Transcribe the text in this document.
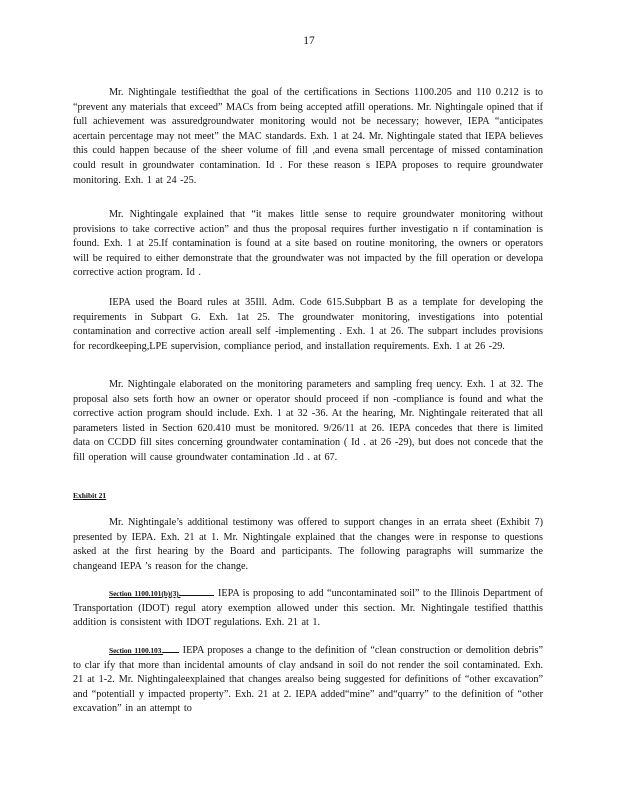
17

Mr. Nightingale testifiedthat the goal of the certifications in Sections 1100.205 and 110 0.212 is to “prevent any materials that exceed” MACs from being accepted atfill operations. Mr. Nightingale opined that if full achievement was assuredgroundwater monitoring would not be necessary; however, IEPA “anticipates acertain percentage may not meet” the MAC standards. Exh. 1 at 24. Mr. Nightingale stated that IEPA believes this could happen because of the sheer volume of fill ,and evena small percentage of missed contamination could result in groundwater contamination. Id . For these reason s IEPA proposes to require groundwater monitoring. Exh. 1 at 24 -25.

Mr. Nightingale explained that “it makes little sense to require groundwater monitoring without provisions to take corrective action” and thus the proposal requires further investigatio n if contamination is found. Exh. 1 at 25.If contamination is found at a site based on routine monitoring, the owners or operators will be required to either demonstrate that the groundwater was not impacted by the fill operation or developa corrective action program. Id .

IEPA used the Board rules at 35Ill. Adm. Code 615.Subpbart B as a template for developing the requirements in Subpart G. Exh. 1at 25. The groundwater monitoring, investigations into potential contamination and corrective action areall self -implementing . Exh. 1 at 26. The subpart includes provisions for recordkeeping,LPE supervision, compliance period, and installation requirements. Exh. 1 at 26 -29.

Mr. Nightingale elaborated on the monitoring parameters and sampling freq uency. Exh. 1 at 32. The proposal also sets forth how an owner or operator should proceed if non -compliance is found and what the corrective action program should include. Exh. 1 at 32 -36. At the hearing, Mr. Nightingale reiterated that all parameters listed in Section 620.410 must be monitored. 9/26/11 at 26. IEPA concedes that there is limited data on CCDD fill sites concerning groundwater contamination ( Id . at 26 -29), but does not concede that the fill operation will cause groundwater contamination .Id . at 67.

Exhibit 21

Mr. Nightingale’s additional testimony was offered to support changes in an errata sheet (Exhibit 7) presented by IEPA. Exh. 21 at 1. Mr. Nightingale explained that the changes were in response to questions asked at the first hearing by the Board and participants. The following paragraphs will summarize the changeand IEPA ’s reason for the change.

Section 1100.101(b)(3).	IEPA is proposing to add “uncontaminated soil” to the Illinois Department of Transportation (IDOT) regul atory exemption allowed under this section. Mr. Nightingale testified thatthis addition is consistent with IDOT regulations. Exh. 21 at 1.

Section 1100.103. IEPA proposes a change to the definition of “clean construction or demolition debris” to clar ify that more than incidental amounts of clay andsand in soil do not render the soil contaminated. Exh. 21 at 1-2. Mr. Nightingaleexplained that changes arealso being suggested for definitions of “other excavation” and “potentiall y impacted property”. Exh. 21 at 2. IEPA added“mine” and“quarry” to the definition of “other excavation” in an attempt to
